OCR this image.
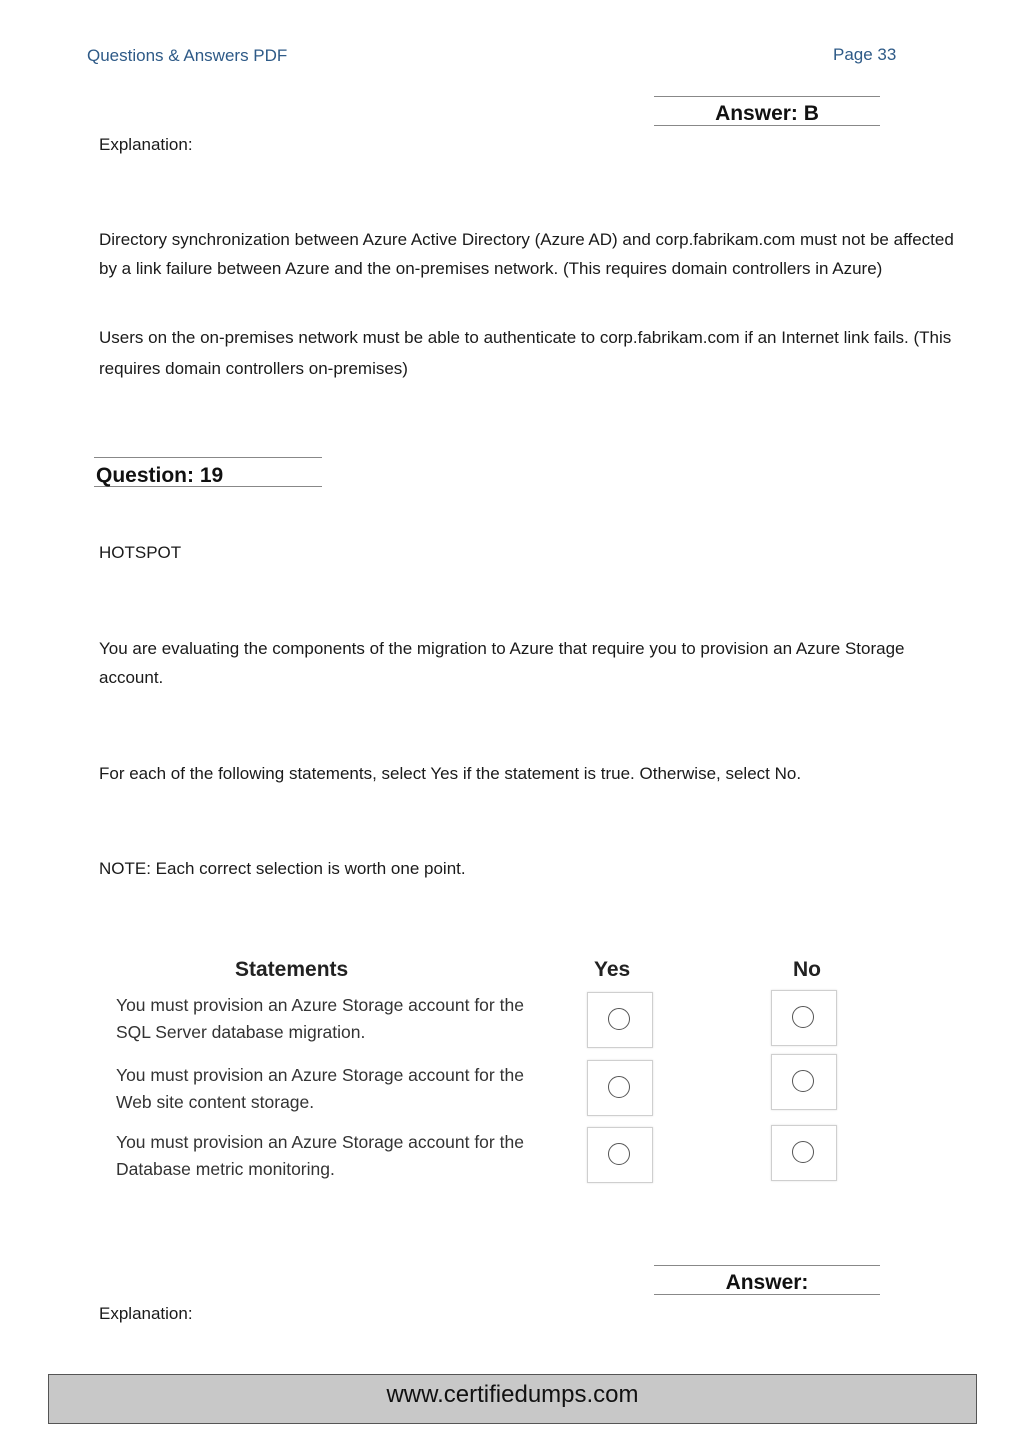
Questions & Answers PDF	Page 33
Answer: B
Explanation:
Directory synchronization between Azure Active Directory (Azure AD) and corp.fabrikam.com must not be affected by a link failure between Azure and the on-premises network. (This requires domain controllers in Azure)
Users on the on-premises network must be able to authenticate to corp.fabrikam.com if an Internet link fails. (This requires domain controllers on-premises)
Question: 19
HOTSPOT
You are evaluating the components of the migration to Azure that require you to provision an Azure Storage account.
For each of the following statements, select Yes if the statement is true. Otherwise, select No.
NOTE: Each correct selection is worth one point.
Statements	Yes	No
You must provision an Azure Storage account for the
SQL Server database migration.
You must provision an Azure Storage account for the
Web site content storage.
You must provision an Azure Storage account for the
Database metric monitoring.
Answer:
Explanation:
www.certifiedumps.com
